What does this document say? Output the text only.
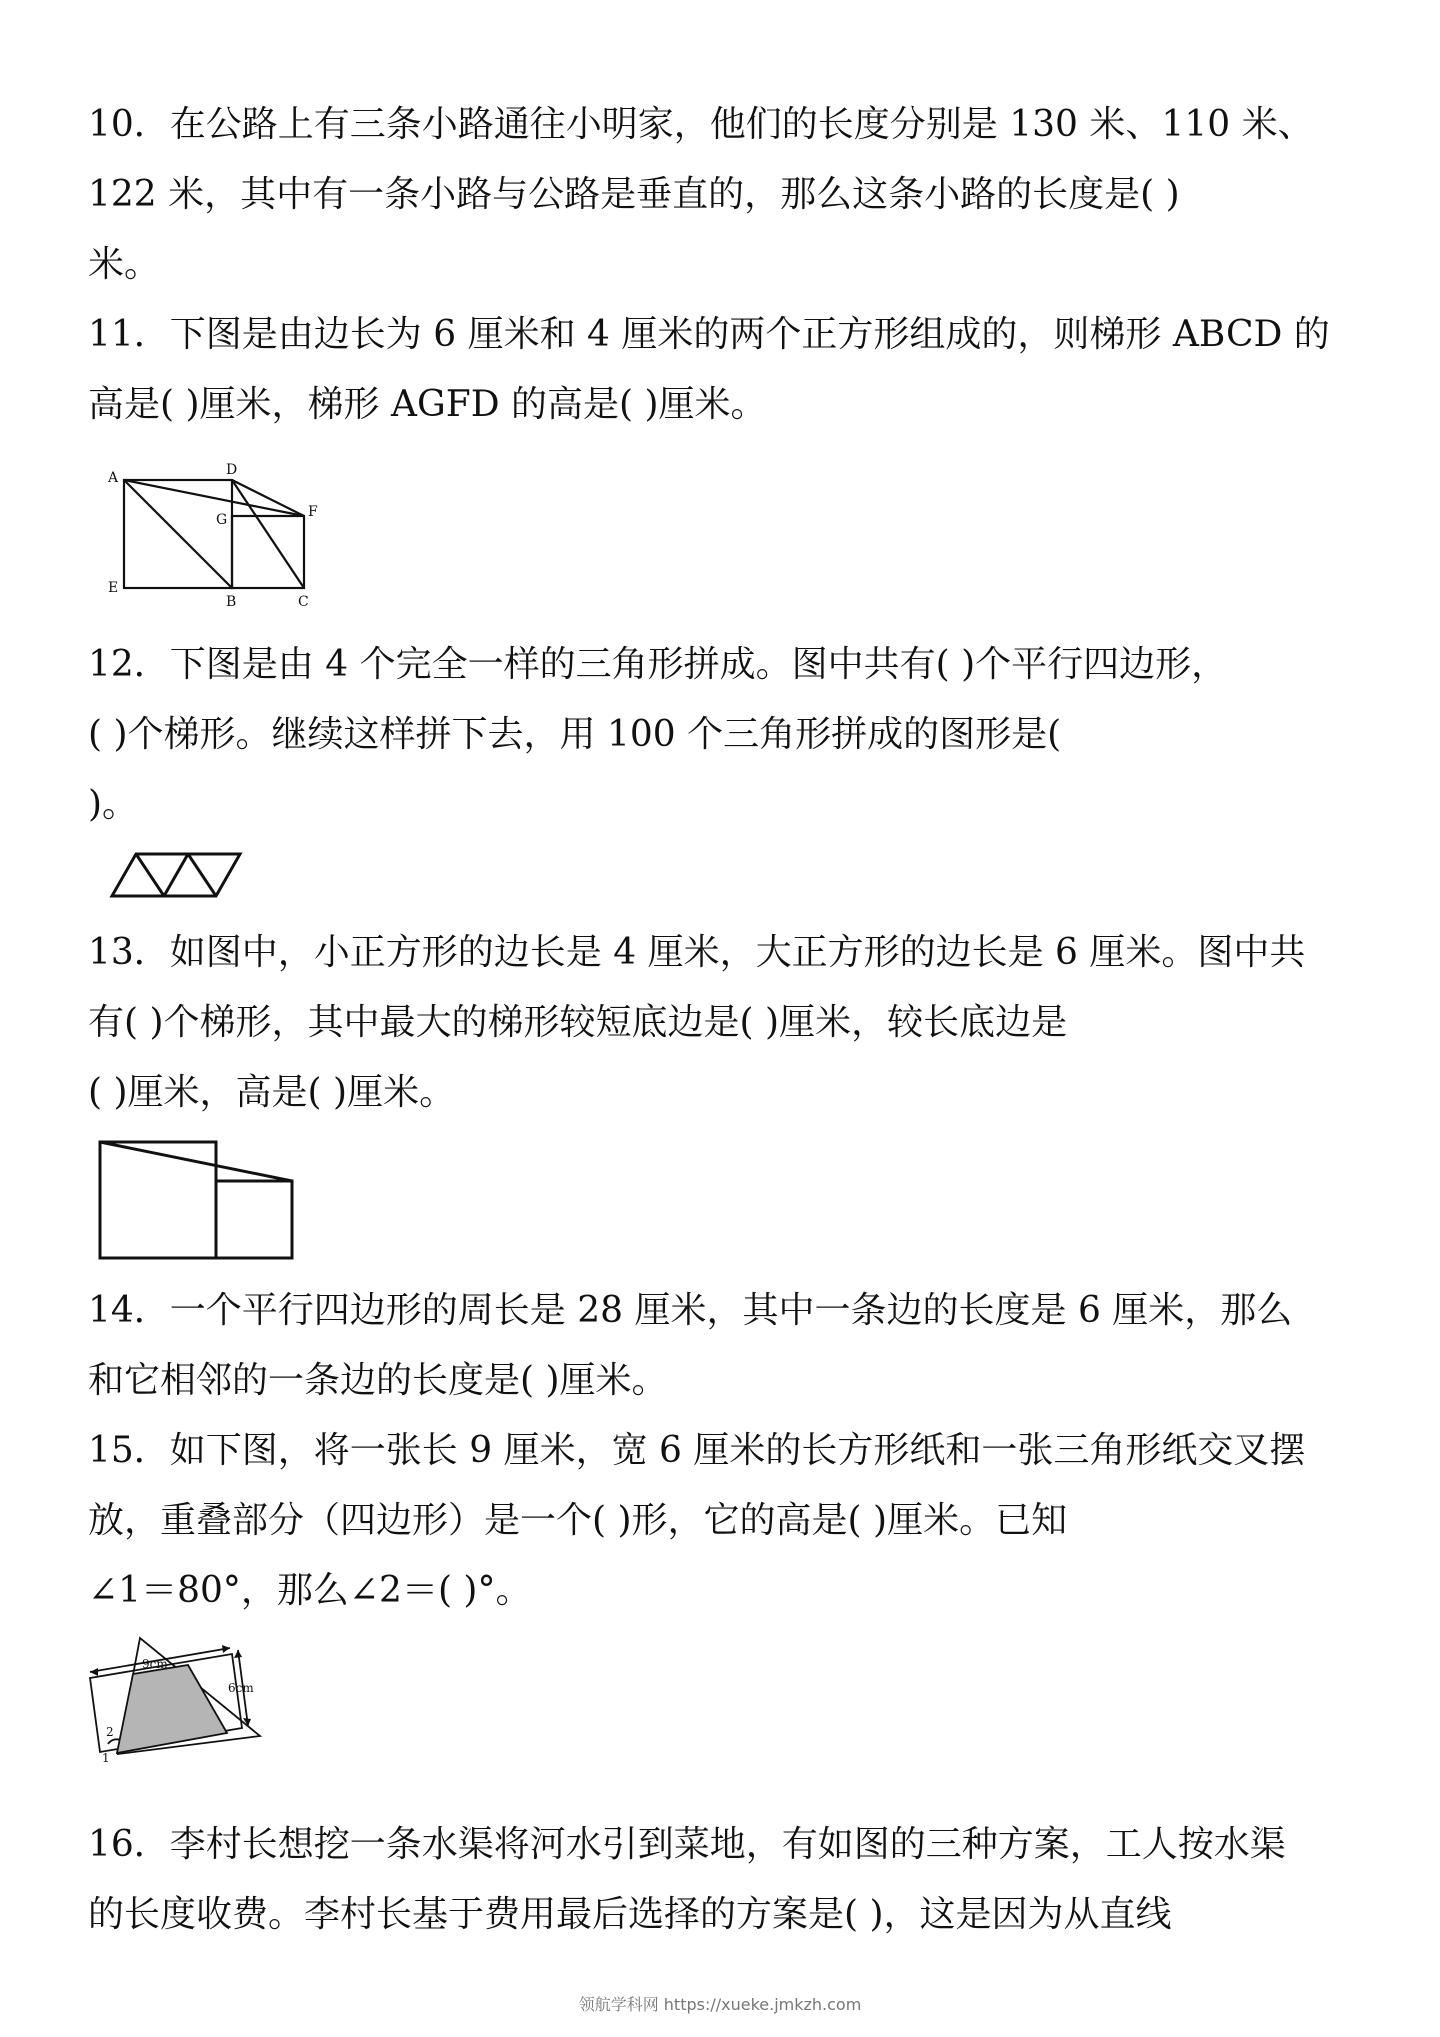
10．在公路上有三条小路通往小明家，他们的长度分别是 130 米、110 米、
122 米，其中有一条小路与公路是垂直的，那么这条小路的长度是( )
米。
11．下图是由边长为 6 厘米和 4 厘米的两个正方形组成的，则梯形 ABCD 的
高是( )厘米，梯形 AGFD 的高是( )厘米。
A	D
G	F
E
B	C
12．下图是由 4 个完全一样的三角形拼成。图中共有( )个平行四边形，
( )个梯形。继续这样拼下去，用 100 个三角形拼成的图形是(
)。
13．如图中，小正方形的边长是 4 厘米，大正方形的边长是 6 厘米。图中共
有( )个梯形，其中最大的梯形较短底边是( )厘米，较长底边是
( )厘米，高是( )厘米。
14．一个平行四边形的周长是 28 厘米，其中一条边的长度是 6 厘米，那么
和它相邻的一条边的长度是( )厘米。
15．如下图，将一张长 9 厘米，宽 6 厘米的长方形纸和一张三角形纸交叉摆
放，重叠部分（四边形）是一个( )形，它的高是( )厘米。已知
∠1＝80°，那么∠2＝( )°。
9cm
6cm
2
1
16．李村长想挖一条水渠将河水引到菜地，有如图的三种方案，工人按水渠
的长度收费。李村长基于费用最后选择的方案是( )，这是因为从直线
领航学科网 https://xueke.jmkzh.com
